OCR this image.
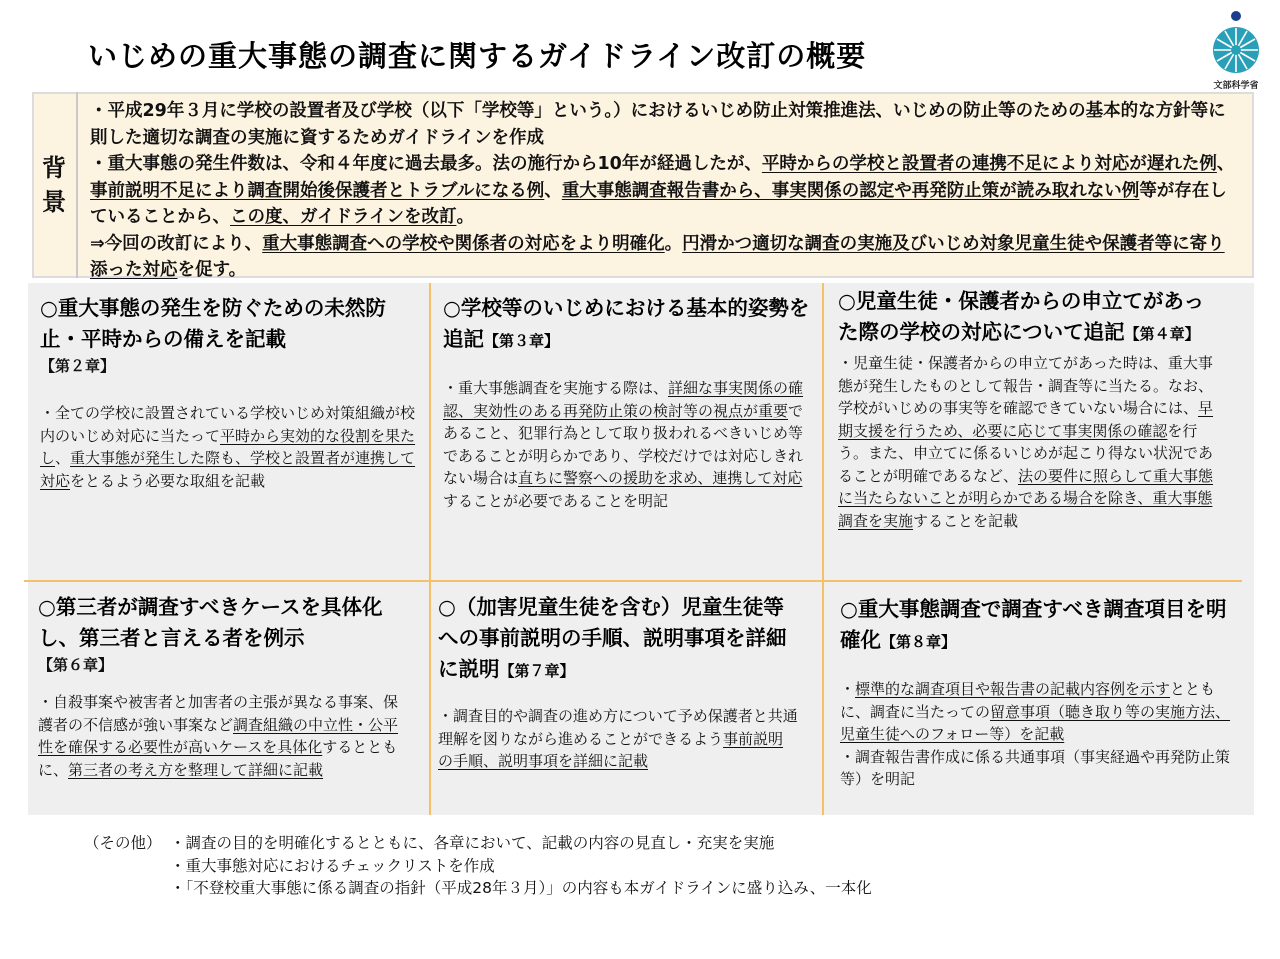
いじめの重大事態の調査に関するガイドライン改訂の概要
文部科学省
背
景
・平成29年３月に学校の設置者及び学校（以下「学校等」という。）におけるいじめ防止対策推進法、いじめの防止等のための基本的な方針等に則した適切な調査の実施に資するためガイドラインを作成
・重大事態の発生件数は、令和４年度に過去最多。法の施行から10年が経過したが、平時からの学校と設置者の連携不足により対応が遅れた例、事前説明不足により調査開始後保護者とトラブルになる例、重大事態調査報告書から、事実関係の認定や再発防止策が読み取れない例等が存在していることから、この度、ガイドラインを改訂。
⇒今回の改訂により、重大事態調査への学校や関係者の対応をより明確化。円滑かつ適切な調査の実施及びいじめ対象児童生徒や保護者等に寄り添った対応を促す。
○重大事態の発生を防ぐための未然防止・平時からの備えを記載
【第２章】
・全ての学校に設置されている学校いじめ対策組織が校内のいじめ対応に当たって平時から実効的な役割を果たし、重大事態が発生した際も、学校と設置者が連携して対応をとるよう必要な取組を記載
○学校等のいじめにおける基本的姿勢を追記【第３章】
・重大事態調査を実施する際は、詳細な事実関係の確認、実効性のある再発防止策の検討等の視点が重要であること、犯罪行為として取り扱われるべきいじめ等であることが明らかであり、学校だけでは対応しきれない場合は直ちに警察への援助を求め、連携して対応することが必要であることを明記
○児童生徒・保護者からの申立てがあった際の学校の対応について追記【第４章】
・児童生徒・保護者からの申立てがあった時は、重大事態が発生したものとして報告・調査等に当たる。なお、学校がいじめの事実等を確認できていない場合には、早期支援を行うため、必要に応じて事実関係の確認を行う。また、申立てに係るいじめが起こり得ない状況であることが明確であるなど、法の要件に照らして重大事態に当たらないことが明らかである場合を除き、重大事態調査を実施することを記載
○第三者が調査すべきケースを具体化し、第三者と言える者を例示
【第６章】
・自殺事案や被害者と加害者の主張が異なる事案、保護者の不信感が強い事案など調査組織の中立性・公平性を確保する必要性が高いケースを具体化するとともに、第三者の考え方を整理して詳細に記載
○（加害児童生徒を含む）児童生徒等への事前説明の手順、説明事項を詳細に説明【第７章】
・調査目的や調査の進め方について予め保護者と共通理解を図りながら進めることができるよう事前説明の手順、説明事項を詳細に記載
○重大事態調査で調査すべき調査項目を明確化【第８章】
・標準的な調査項目や報告書の記載内容例を示すとともに、調査に当たっての留意事項（聴き取り等の実施方法、児童生徒へのフォロー等）を記載
・調査報告書作成に係る共通事項（事実経過や再発防止策等）を明記
（その他） ・調査の目的を明確化するとともに、各章において、記載の内容の見直し・充実を実施
・重大事態対応におけるチェックリストを作成
・「不登校重大事態に係る調査の指針（平成28年３月）」の内容も本ガイドラインに盛り込み、一本化
